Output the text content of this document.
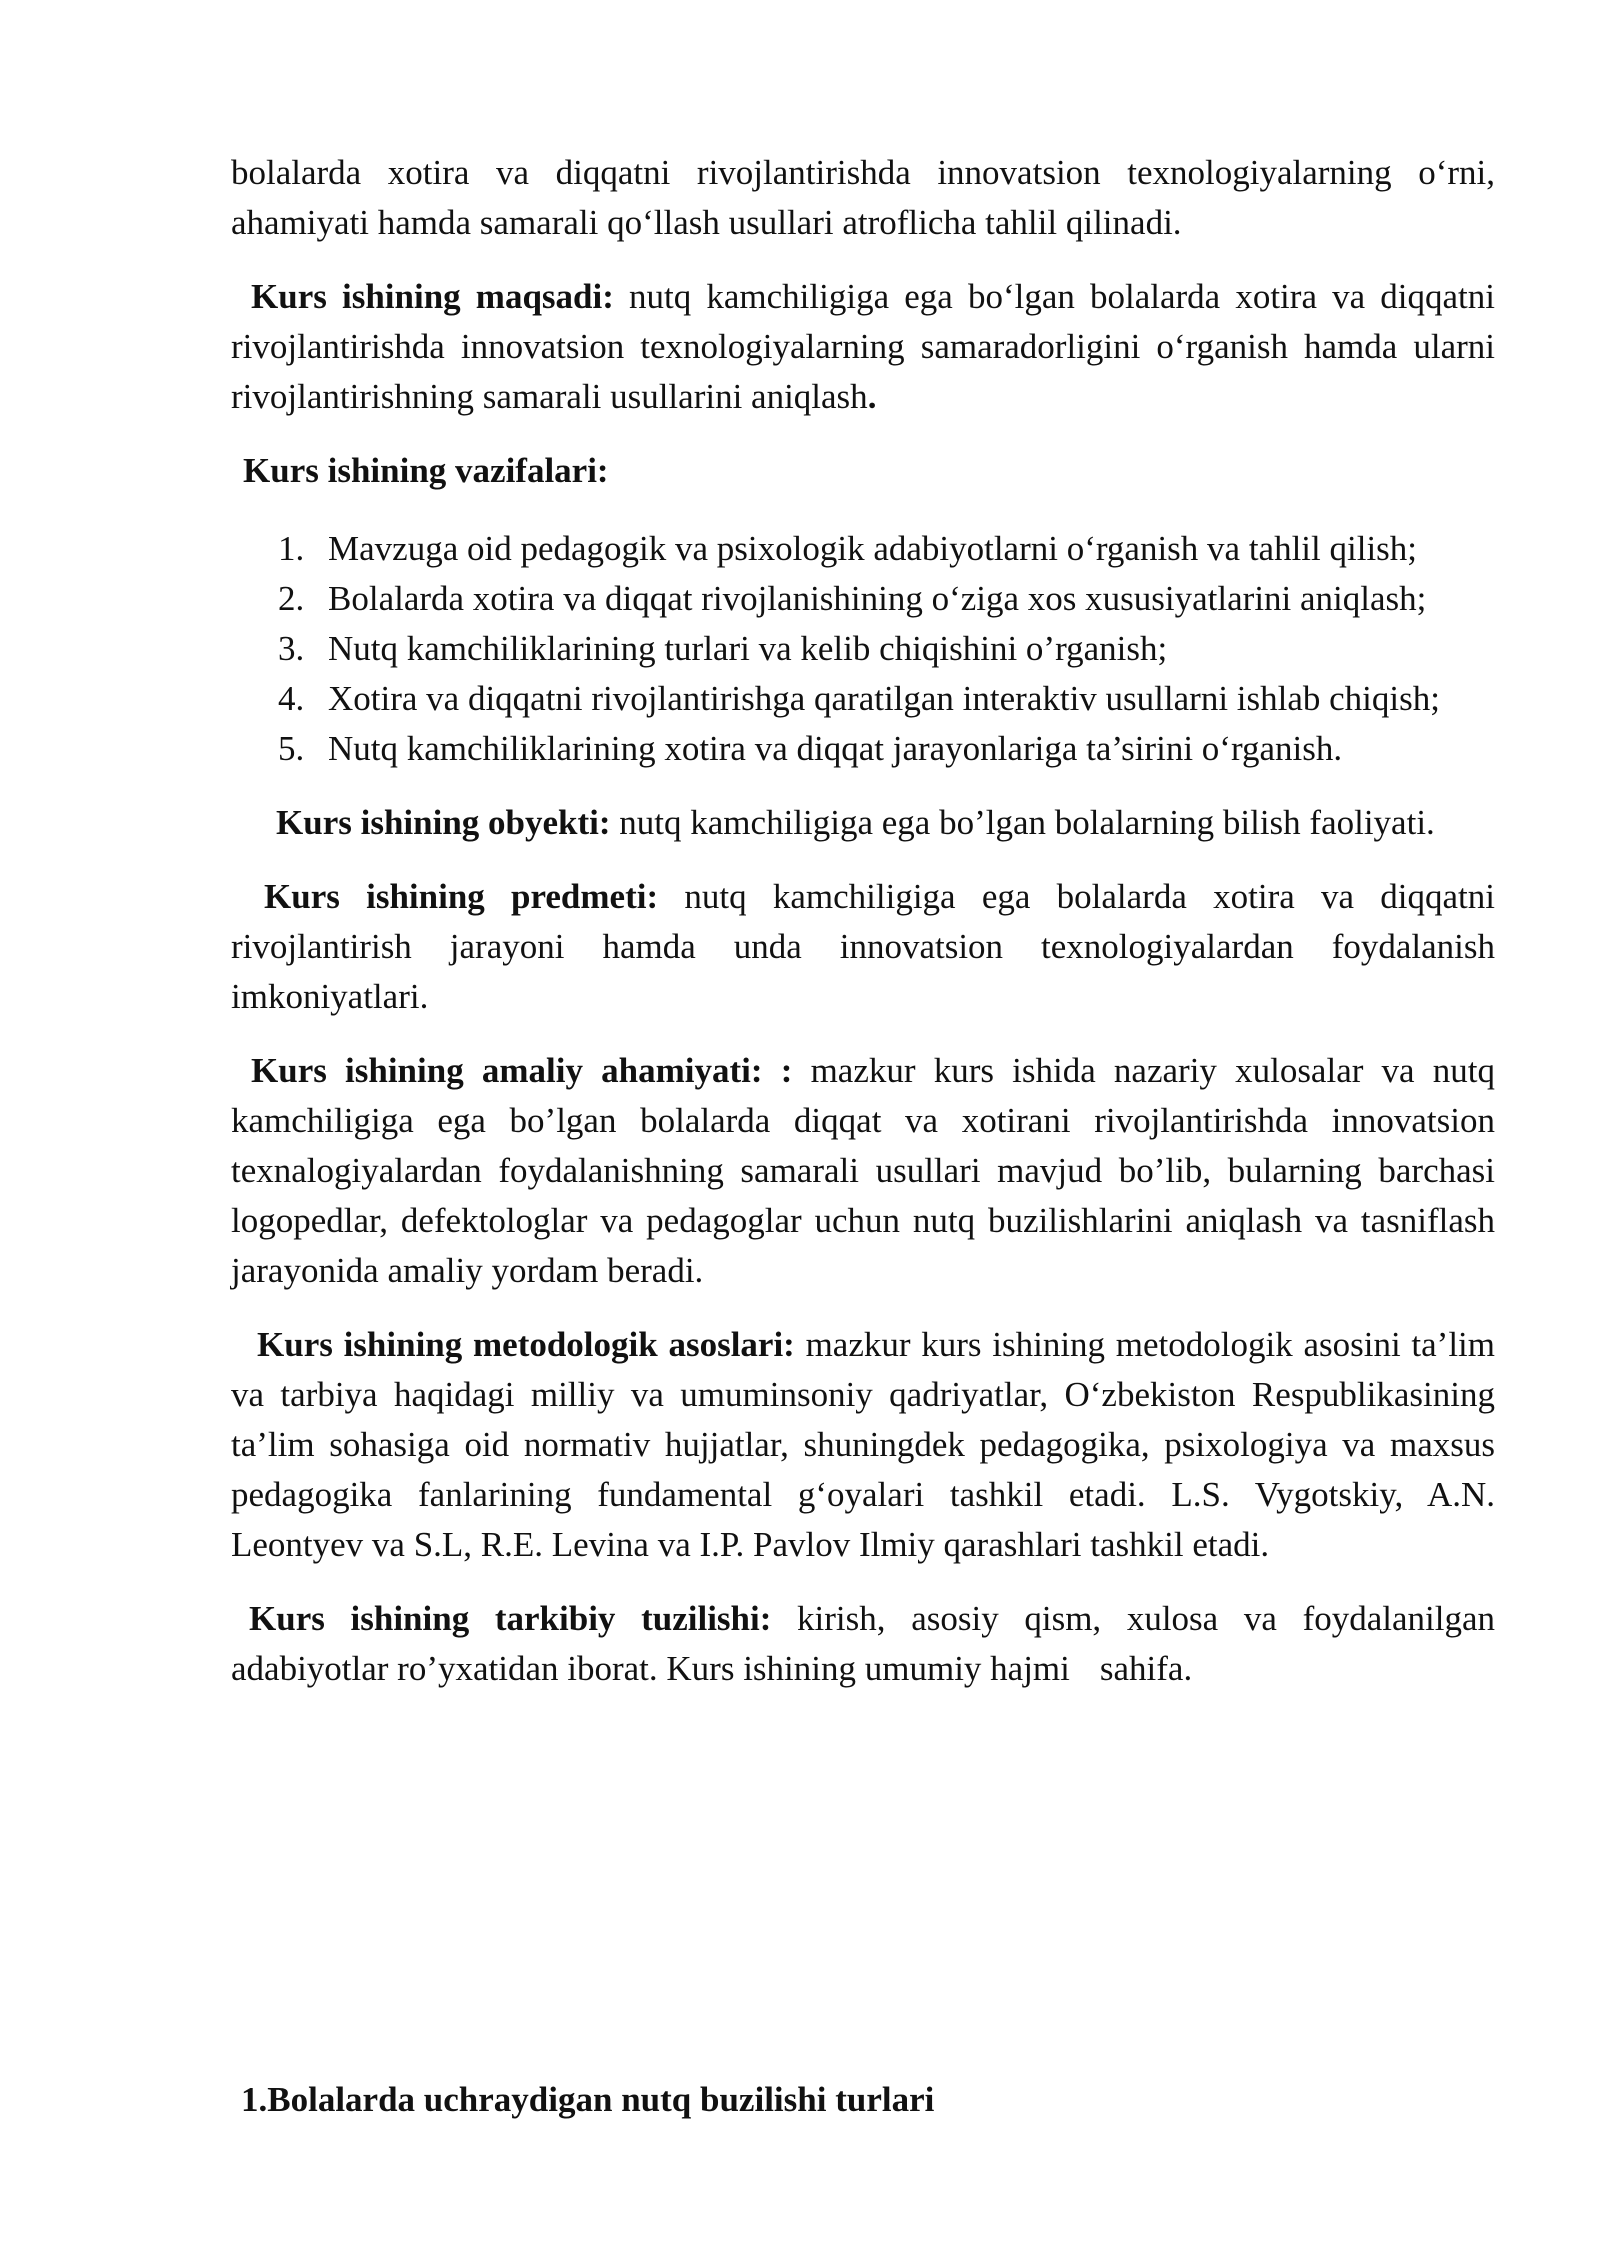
bolalarda xotira va diqqatni rivojlantirishda innovatsion texnologiyalarning o‘rni, ahamiyati hamda samarali qo‘llash usullari atroflicha tahlil qilinadi.

Kurs ishining maqsadi: nutq kamchiligiga ega bo‘lgan bolalarda xotira va diqqatni rivojlantirishda innovatsion texnologiyalarning samaradorligini o‘rganish hamda ularni rivojlantirishning samarali usullarini aniqlash.

Kurs ishining vazifalari:

1. Mavzuga oid pedagogik va psixologik adabiyotlarni o‘rganish va tahlil qilish;
2. Bolalarda xotira va diqqat rivojlanishining o‘ziga xos xususiyatlarini aniqlash;
3. Nutq kamchiliklarining turlari va kelib chiqishini o’rganish;
4. Xotira va diqqatni rivojlantirishga qaratilgan interaktiv usullarni ishlab chiqish;
5. Nutq kamchiliklarining xotira va diqqat jarayonlariga ta’sirini o‘rganish.

Kurs ishining obyekti: nutq kamchiligiga ega bo’lgan bolalarning bilish faoliyati.

Kurs ishining predmeti: nutq kamchiligiga ega bolalarda xotira va diqqatni rivojlantirish jarayoni hamda unda innovatsion texnologiyalardan foydalanish imkoniyatlari.

Kurs ishining amaliy ahamiyati: : mazkur kurs ishida nazariy xulosalar va nutq kamchiligiga ega bo’lgan bolalarda diqqat va xotirani rivojlantirishda innovatsion texnalogiyalardan foydalanishning samarali usullari mavjud bo’lib, bularning barchasi logopedlar, defektologlar va pedagoglar uchun nutq buzilishlarini aniqlash va tasniflash jarayonida amaliy yordam beradi.

Kurs ishining metodologik asoslari: mazkur kurs ishining metodologik asosini ta’lim va tarbiya haqidagi milliy va umuminsoniy qadriyatlar, O‘zbekiston Respublikasining ta’lim sohasiga oid normativ hujjatlar, shuningdek pedagogika, psixologiya va maxsus pedagogika fanlarining fundamental g‘oyalari tashkil etadi. L.S. Vygotskiy, A.N. Leontyev va S.L, R.E. Levina va I.P. Pavlov Ilmiy qarashlari tashkil etadi.

Kurs ishining tarkibiy tuzilishi: kirish, asosiy qism, xulosa va foydalanilgan adabiyotlar ro’yxatidan iborat. Kurs ishining umumiy hajmi sahifa.

1.Bolalarda uchraydigan nutq buzilishi turlari
